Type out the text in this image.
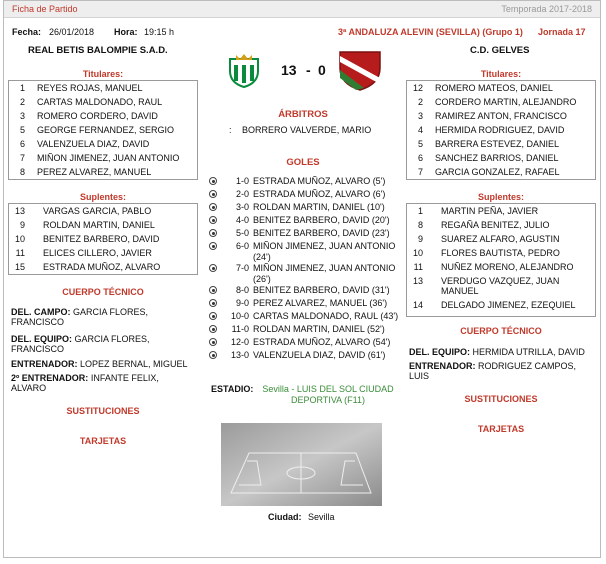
Ficha de Partido	Temporada 2017-2018
Fecha: 26/01/2018 Hora: 19:15 h	3ª ANDALUZA ALEVIN (SEVILLA) (Grupo 1) Jornada 17
REAL BETIS BALOMPIE S.A.D.	C.D. GELVES
13 - 0
Titulares:
1 REYES ROJAS, MANUEL
2 CARTAS MALDONADO, RAUL
3 ROMERO CORDERO, DAVID
5 GEORGE FERNANDEZ, SERGIO
6 VALENZUELA DIAZ, DAVID
7 MIÑON JIMENEZ, JUAN ANTONIO
8 PEREZ ALVAREZ, MANUEL
Suplentes:
13 VARGAS GARCIA, PABLO
9 ROLDAN MARTIN, DANIEL
10 BENITEZ BARBERO, DAVID
11 ELICES CILLERO, JAVIER
15 ESTRADA MUÑOZ, ALVARO
CUERPO TÉCNICO
DEL. CAMPO: GARCIA FLORES, FRANCISCO
DEL. EQUIPO: GARCIA FLORES, FRANCISCO
ENTRENADOR: LOPEZ BERNAL, MIGUEL
2º ENTRENADOR: INFANTE FELIX, ALVARO
SUSTITUCIONES
TARJETAS
ÁRBITROS
: BORRERO VALVERDE, MARIO
GOLES
1-0 ESTRADA MUÑOZ, ALVARO (5')
2-0 ESTRADA MUÑOZ, ALVARO (6')
3-0 ROLDAN MARTIN, DANIEL (10')
4-0 BENITEZ BARBERO, DAVID (20')
5-0 BENITEZ BARBERO, DAVID (23')
6-0 MIÑON JIMENEZ, JUAN ANTONIO (24')
7-0 MIÑON JIMENEZ, JUAN ANTONIO (26')
8-0 BENITEZ BARBERO, DAVID (31')
9-0 PEREZ ALVAREZ, MANUEL (36')
10-0 CARTAS MALDONADO, RAUL (43')
11-0 ROLDAN MARTIN, DANIEL (52')
12-0 ESTRADA MUÑOZ, ALVARO (54')
13-0 VALENZUELA DIAZ, DAVID (61')
ESTADIO: Sevilla - LUIS DEL SOL CIUDAD DEPORTIVA (F11)
Ciudad: Sevilla
Titulares:
12 ROMERO MATEOS, DANIEL
2 CORDERO MARTIN, ALEJANDRO
3 RAMIREZ ANTON, FRANCISCO
4 HERMIDA RODRIGUEZ, DAVID
5 BARRERA ESTEVEZ, DANIEL
6 SANCHEZ BARRIOS, DANIEL
7 GARCIA GONZALEZ, RAFAEL
Suplentes:
1 MARTIN PEÑA, JAVIER
8 REGAÑA BENITEZ, JULIO
9 SUAREZ ALFARO, AGUSTIN
10 FLORES BAUTISTA, PEDRO
11 NUÑEZ MORENO, ALEJANDRO
13 VERDUGO VAZQUEZ, JUAN MANUEL
14 DELGADO JIMENEZ, EZEQUIEL
CUERPO TÉCNICO
DEL. EQUIPO: HERMIDA UTRILLA, DAVID
ENTRENADOR: RODRIGUEZ CAMPOS, LUIS
SUSTITUCIONES
TARJETAS
